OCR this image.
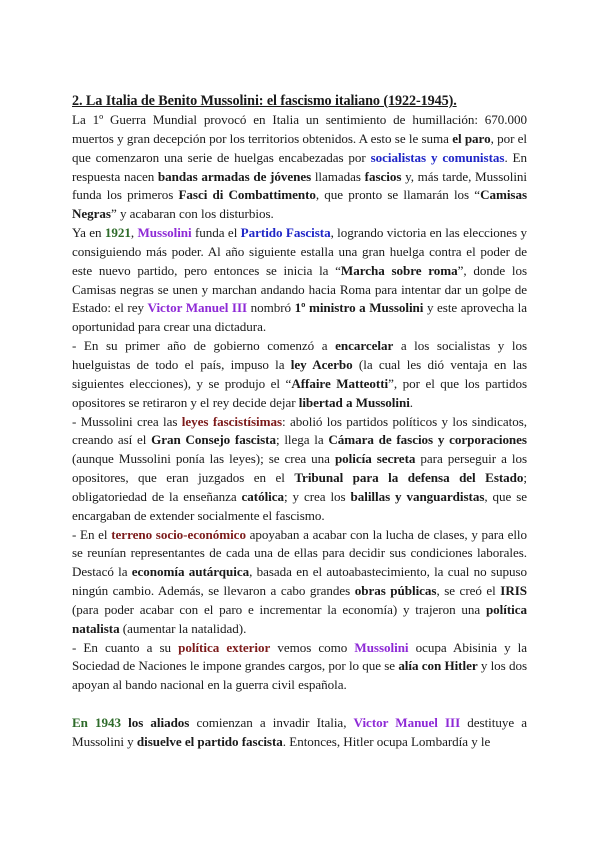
2. La Italia de Benito Mussolini: el fascismo italiano (1922-1945).

La 1º Guerra Mundial provocó en Italia un sentimiento de humillación: 670.000 muertos y gran decepción por los territorios obtenidos. A esto se le suma el paro, por el que comenzaron una serie de huelgas encabezadas por socialistas y comunistas. En respuesta nacen bandas armadas de jóvenes llamadas fascios y, más tarde, Mussolini funda los primeros Fasci di Combattimento, que pronto se llamarán los “Camisas Negras” y acabaran con los disturbios.

Ya en 1921, Mussolini funda el Partido Fascista, logrando victoria en las elecciones y consiguiendo más poder. Al año siguiente estalla una gran huelga contra el poder de este nuevo partido, pero entonces se inicia la “Marcha sobre roma”, donde los Camisas negras se unen y marchan andando hacia Roma para intentar dar un golpe de Estado: el rey Victor Manuel III nombró 1º ministro a Mussolini y este aprovecha la oportunidad para crear una dictadura.

- En su primer año de gobierno comenzó a encarcelar a los socialistas y los huelguistas de todo el país, impuso la ley Acerbo (la cual les dió ventaja en las siguientes elecciones), y se produjo el “Affaire Matteotti”, por el que los partidos opositores se retiraron y el rey decide dejar libertad a Mussolini.

- Mussolini crea las leyes fascistísimas: abolió los partidos políticos y los sindicatos, creando así el Gran Consejo fascista; llega la Cámara de fascios y corporaciones (aunque Mussolini ponía las leyes); se crea una policía secreta para perseguir a los opositores, que eran juzgados en el Tribunal para la defensa del Estado; obligatoriedad de la enseñanza católica; y crea los balillas y vanguardistas, que se encargaban de extender socialmente el fascismo.

- En el terreno socio-económico apoyaban a acabar con la lucha de clases, y para ello se reunían representantes de cada una de ellas para decidir sus condiciones laborales. Destacó la economía autárquica, basada en el autoabastecimiento, la cual no supuso ningún cambio. Además, se llevaron a cabo grandes obras públicas, se creó el IRIS (para poder acabar con el paro e incrementar la economía) y trajeron una política natalista (aumentar la natalidad).

- En cuanto a su política exterior vemos como Mussolini ocupa Abisinia y la Sociedad de Naciones le impone grandes cargos, por lo que se alía con Hitler y los dos apoyan al bando nacional en la guerra civil española.

En 1943 los aliados comienzan a invadir Italia, Victor Manuel III destituye a Mussolini y disuelve el partido fascista. Entonces, Hitler ocupa Lombardía y le
